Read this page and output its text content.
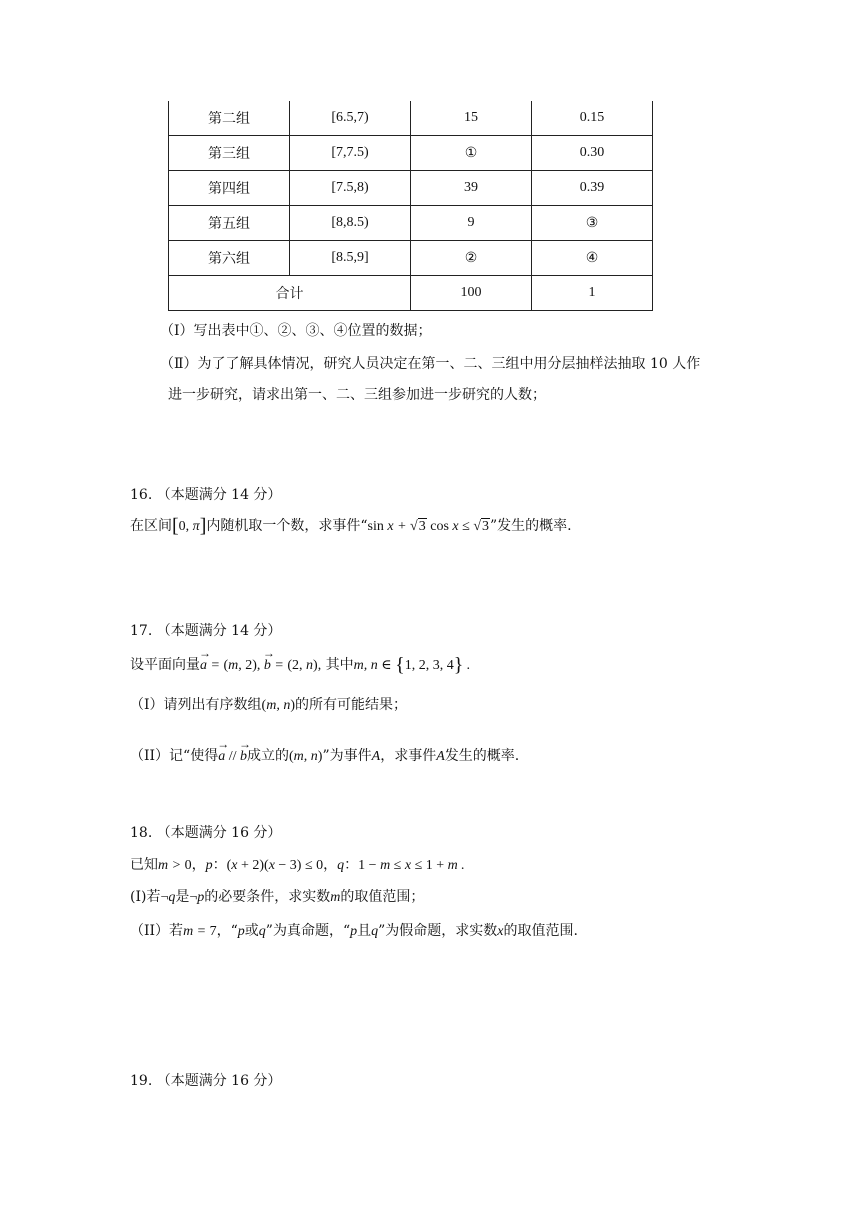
第二组	[6.5,7)	15	0.15
第三组	[7,7.5)	①	0.30
第四组	[7.5,8)	39	0.39
第五组	[8,8.5)	9	③
第六组	[8.5,9]	②	④
合计		100	1
（Ⅰ）写出表中①、②、③、④位置的数据；
（Ⅱ）为了了解具体情况，研究人员决定在第一、二、三组中用分层抽样法抽取 10 人作
进一步研究，请求出第一、二、三组参加进一步研究的人数；
16. （本题满分 14 分）
在区间[0, π]内随机取一个数，求事件“sin x + √3 cos x ≤ √3”发生的概率.
17. （本题满分 14 分）
设平面向量→ a = (m, 2), → b = (2, n), 其中m, n ∈ {1, 2, 3, 4} .
（I）请列出有序数组(m, n)的所有可能结果；
（II）记“使得→ a // → b成立的(m, n)”为事件A，求事件A发生的概率.
18. （本题满分 16 分）
已知m > 0，p：(x + 2)(x − 3) ≤ 0，q：1 − m ≤ x ≤ 1 + m .
(I)若¬q是¬p的必要条件，求实数m的取值范围；
（II）若m = 7，“p或q”为真命题，“p且q”为假命题，求实数x的取值范围.
19. （本题满分 16 分）
